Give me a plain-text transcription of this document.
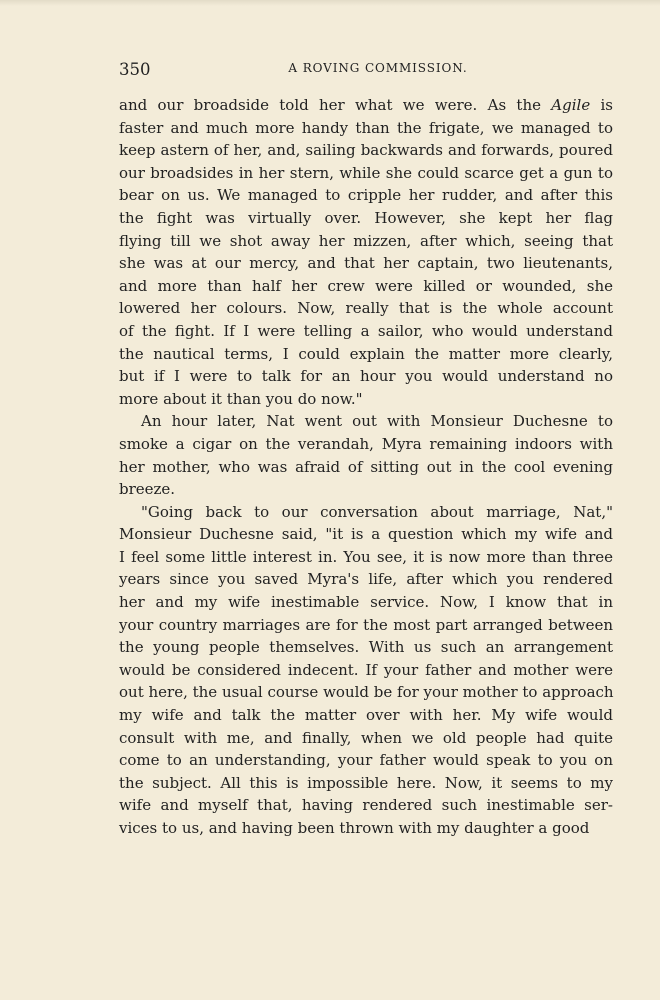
350	A ROVING COMMISSION.
and our broadside told her what we were. As the Agile is
faster and much more handy than the frigate, we managed to
keep astern of her, and, sailing backwards and forwards, poured
our broadsides in her stern, while she could scarce get a gun to
bear on us. We managed to cripple her rudder, and after this
the fight was virtually over. However, she kept her flag
flying till we shot away her mizzen, after which, seeing that
she was at our mercy, and that her captain, two lieutenants,
and more than half her crew were killed or wounded, she
lowered her colours. Now, really that is the whole account
of the fight. If I were telling a sailor, who would understand
the nautical terms, I could explain the matter more clearly,
but if I were to talk for an hour you would understand no
more about it than you do now."
An hour later, Nat went out with Monsieur Duchesne to
smoke a cigar on the verandah, Myra remaining indoors with
her mother, who was afraid of sitting out in the cool evening
breeze.
"Going back to our conversation about marriage, Nat,"
Monsieur Duchesne said, "it is a question which my wife and
I feel some little interest in. You see, it is now more than three
years since you saved Myra's life, after which you rendered
her and my wife inestimable service. Now, I know that in
your country marriages are for the most part arranged between
the young people themselves. With us such an arrangement
would be considered indecent. If your father and mother were
out here, the usual course would be for your mother to approach
my wife and talk the matter over with her. My wife would
consult with me, and finally, when we old people had quite
come to an understanding, your father would speak to you on
the subject. All this is impossible here. Now, it seems to my
wife and myself that, having rendered such inestimable ser-
vices to us, and having been thrown with my daughter a good
